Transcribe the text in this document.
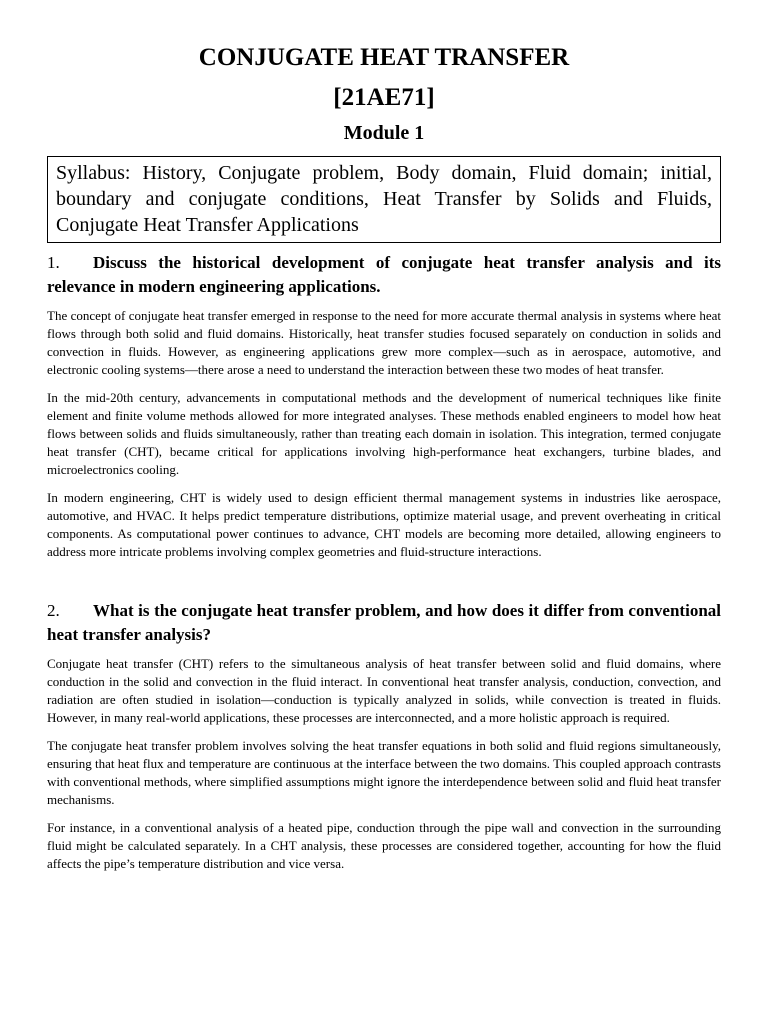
CONJUGATE HEAT TRANSFER
[21AE71]
Module 1
Syllabus: History, Conjugate problem, Body domain, Fluid domain; initial, boundary and conjugate conditions, Heat Transfer by Solids and Fluids, Conjugate Heat Transfer Applications
1. Discuss the historical development of conjugate heat transfer analysis and its relevance in modern engineering applications.

The concept of conjugate heat transfer emerged in response to the need for more accurate thermal analysis in systems where heat flows through both solid and fluid domains. Historically, heat transfer studies focused separately on conduction in solids and convection in fluids. However, as engineering applications grew more complex—such as in aerospace, automotive, and electronic cooling systems—there arose a need to understand the interaction between these two modes of heat transfer.

In the mid-20th century, advancements in computational methods and the development of numerical techniques like finite element and finite volume methods allowed for more integrated analyses. These methods enabled engineers to model how heat flows between solids and fluids simultaneously, rather than treating each domain in isolation. This integration, termed conjugate heat transfer (CHT), became critical for applications involving high-performance heat exchangers, turbine blades, and microelectronics cooling.

In modern engineering, CHT is widely used to design efficient thermal management systems in industries like aerospace, automotive, and HVAC. It helps predict temperature distributions, optimize material usage, and prevent overheating in critical components. As computational power continues to advance, CHT models are becoming more detailed, allowing engineers to address more intricate problems involving complex geometries and fluid-structure interactions.

2. What is the conjugate heat transfer problem, and how does it differ from conventional heat transfer analysis?

Conjugate heat transfer (CHT) refers to the simultaneous analysis of heat transfer between solid and fluid domains, where conduction in the solid and convection in the fluid interact. In conventional heat transfer analysis, conduction, convection, and radiation are often studied in isolation—conduction is typically analyzed in solids, while convection is treated in fluids. However, in many real-world applications, these processes are interconnected, and a more holistic approach is required.

The conjugate heat transfer problem involves solving the heat transfer equations in both solid and fluid regions simultaneously, ensuring that heat flux and temperature are continuous at the interface between the two domains. This coupled approach contrasts with conventional methods, where simplified assumptions might ignore the interdependence between solid and fluid heat transfer mechanisms.

For instance, in a conventional analysis of a heated pipe, conduction through the pipe wall and convection in the surrounding fluid might be calculated separately. In a CHT analysis, these processes are considered together, accounting for how the fluid affects the pipe’s temperature distribution and vice versa.
